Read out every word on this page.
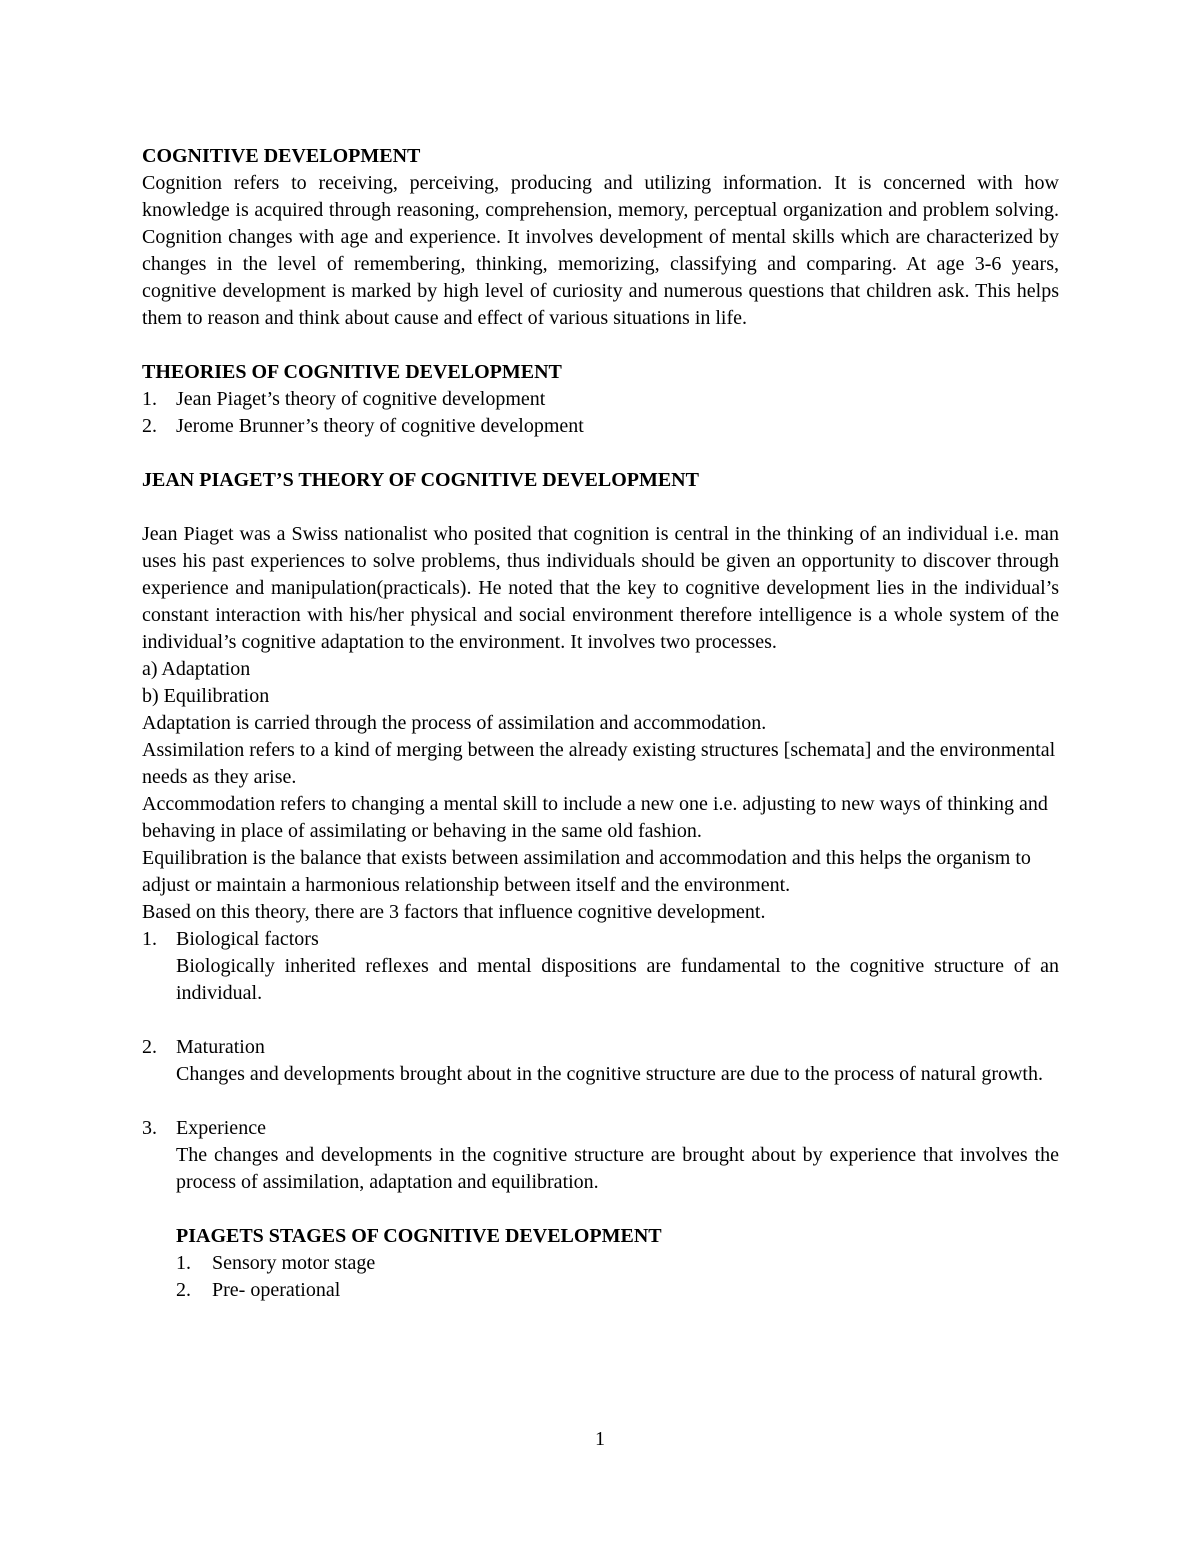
COGNITIVE DEVELOPMENT

Cognition refers to receiving, perceiving, producing and utilizing information. It is concerned with how knowledge is acquired through reasoning, comprehension, memory, perceptual organization and problem solving. Cognition changes with age and experience. It involves development of mental skills which are characterized by changes in the level of remembering, thinking, memorizing, classifying and comparing. At age 3-6 years, cognitive development is marked by high level of curiosity and numerous questions that children ask. This helps them to reason and think about cause and effect of various situations in life.

THEORIES OF COGNITIVE DEVELOPMENT
1. Jean Piaget’s theory of cognitive development
2. Jerome Brunner’s theory of cognitive development
JEAN PIAGET’S THEORY OF COGNITIVE DEVELOPMENT

Jean Piaget was a Swiss nationalist who posited that cognition is central in the thinking of an individual i.e. man uses his past experiences to solve problems, thus individuals should be given an opportunity to discover through experience and manipulation(practicals). He noted that the key to cognitive development lies in the individual’s constant interaction with his/her physical and social environment therefore intelligence is a whole system of the individual’s cognitive adaptation to the environment. It involves two processes.

a) Adaptation

b) Equilibration

Adaptation is carried through the process of assimilation and accommodation.

Assimilation refers to a kind of merging between the already existing structures [schemata] and the environmental needs as they arise.

Accommodation refers to changing a mental skill to include a new one i.e. adjusting to new ways of thinking and behaving in place of assimilating or behaving in the same old fashion.

Equilibration is the balance that exists between assimilation and accommodation and this helps the organism to adjust or maintain a harmonious relationship between itself and the environment.

Based on this theory, there are 3 factors that influence cognitive development.

1. Biological factors
Biologically inherited reflexes and mental dispositions are fundamental to the cognitive structure of an individual.
2. Maturation
Changes and developments brought about in the cognitive structure are due to the process of natural growth.
3. Experience
The changes and developments in the cognitive structure are brought about by experience that involves the process of assimilation, adaptation and equilibration.
PIAGETS STAGES OF COGNITIVE DEVELOPMENT
1. Sensory motor stage
2. Pre- operational
1
